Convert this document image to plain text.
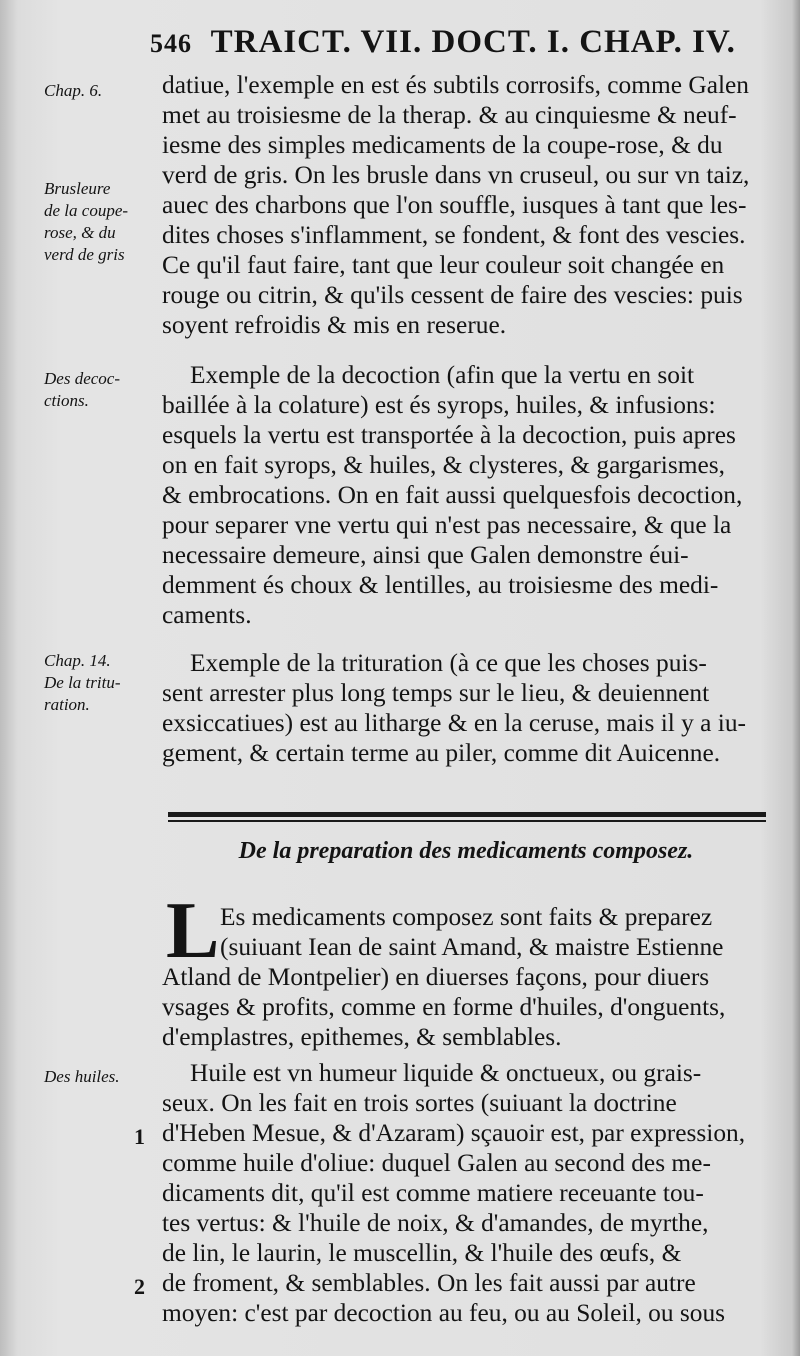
546 TRAICT. VII. DOCT. I. CHAP. IV.
Chap. 6.
Brusleure
de la coupe-
rose, & du
verd de gris
Des decoc-
ctions.
Chap. 14.
De la tritu-
ration.
Des huiles.
1
2
datiue, l'exemple en est és subtils corrosifs, comme Galen
met au troisiesme de la therap. & au cinquiesme & neuf-
iesme des simples medicaments de la coupe-rose, & du
verd de gris. On les brusle dans vn cruseul, ou sur vn taiz,
auec des charbons que l'on souffle, iusques à tant que les-
dites choses s'inflamment, se fondent, & font des vescies.
Ce qu'il faut faire, tant que leur couleur soit changée en
rouge ou citrin, & qu'ils cessent de faire des vescies: puis
soyent refroidis & mis en reserue.
Exemple de la decoction (afin que la vertu en soit
baillée à la colature) est és syrops, huiles, & infusions:
esquels la vertu est transportée à la decoction, puis apres
on en fait syrops, & huiles, & clysteres, & gargarismes,
& embrocations. On en fait aussi quelquesfois decoction,
pour separer vne vertu qui n'est pas necessaire, & que la
necessaire demeure, ainsi que Galen demonstre éui-
demment és choux & lentilles, au troisiesme des medi-
caments.
Exemple de la trituration (à ce que les choses puis-
sent arrester plus long temps sur le lieu, & deuiennent
exsiccatiues) est au litharge & en la ceruse, mais il y a iu-
gement, & certain terme au piler, comme dit Auicenne.
De la preparation des medicaments composez.
L Es medicaments composez sont faits & preparez
(suiuant Iean de saint Amand, & maistre Estienne
Atland de Montpelier) en diuerses façons, pour diuers
vsages & profits, comme en forme d'huiles, d'onguents,
d'emplastres, epithemes, & semblables.
Huile est vn humeur liquide & onctueux, ou grais-
seux. On les fait en trois sortes (suiuant la doctrine
d'Heben Mesue, & d'Azaram) sçauoir est, par expression,
comme huile d'oliue: duquel Galen au second des me-
dicaments dit, qu'il est comme matiere receuante tou-
tes vertus: & l'huile de noix, & d'amandes, de myrthe,
de lin, le laurin, le muscellin, & l'huile des œufs, &
de froment, & semblables. On les fait aussi par autre
moyen: c'est par decoction au feu, ou au Soleil, ou sous
